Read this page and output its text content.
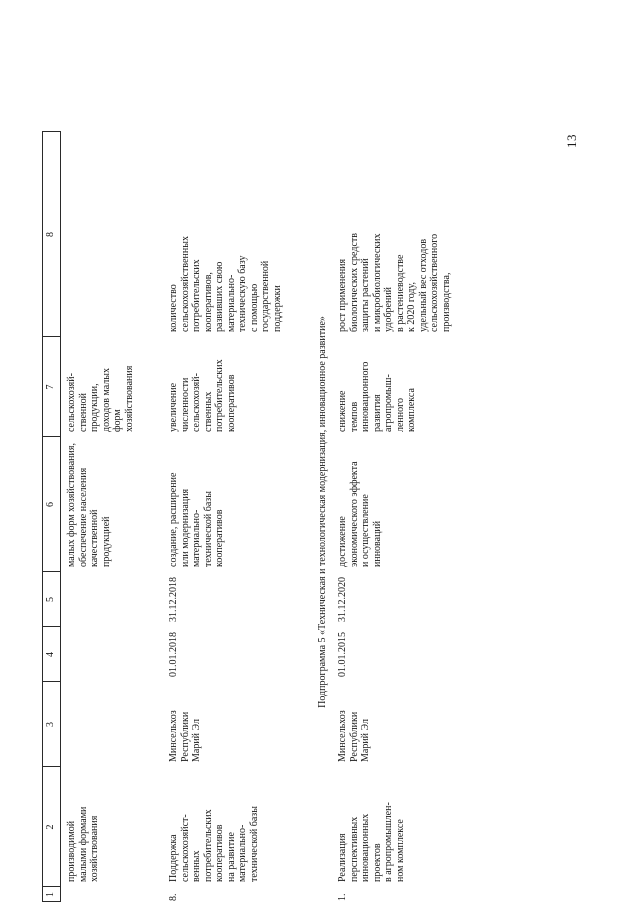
13
1
2
3
4
5
6
7
8
производимой
малыми формами
хозяйствования
малых форм хозяйствования,
обеспечение населения
качественной
продукцией
сельскохозяй-
ственной
продукции,
доходов малых
форм
хозяйствования
8.
Поддержка
сельскохозяйст-
венных
потребительских
кооперативов
на развитие
материально-
технической базы
Минсельхоз
Республики
Марий Эл
01.01.2018
31.12.2018
создание, расширение
или модернизация
материально-
технической базы
кооперативов
увеличение
численности
сельскохозяй-
ственных
потребительских
кооперативов
количество
сельскохозяйственных
потребительских
кооперативов,
развивших свою
материально-
техническую базу
с помощью
государственной
поддержки
Подпрограмма 5 «Техническая и технологическая модернизация, инновационное развитие»
1.
Реализация
перспективных
инновационных
проектов
в агропромышлен-
ном комплексе
Минсельхоз
Республики
Марий Эл
01.01.2015
31.12.2020
достижение
экономического эффекта
и осуществление
инноваций
снижение
темпов
инновационного
развития
агропромыш-
ленного
комплекса
рост применения
биологических средств
защиты растений
и микробиологических
удобрений
в растениеводстве
к 2020 году,
удельный вес отходов
сельскохозяйственного
производства,
